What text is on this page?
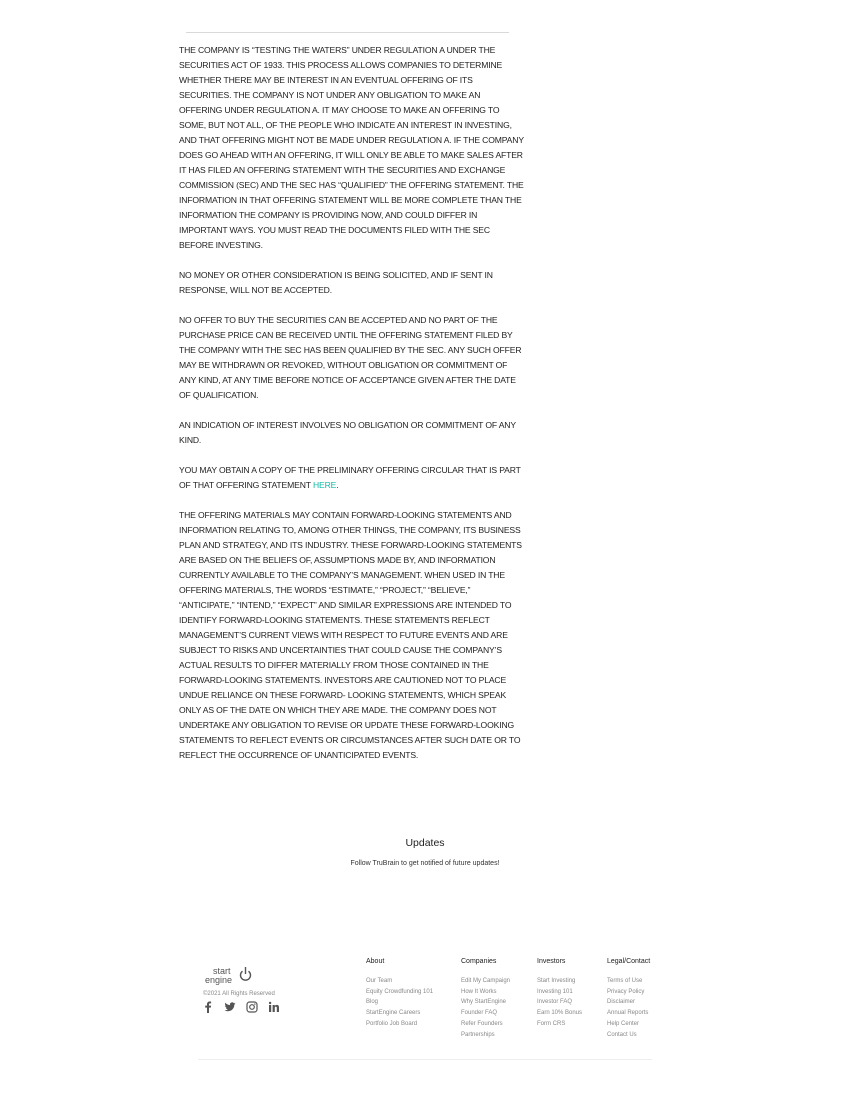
THE COMPANY IS “TESTING THE WATERS” UNDER REGULATION A UNDER THE SECURITIES ACT OF 1933. THIS PROCESS ALLOWS COMPANIES TO DETERMINE WHETHER THERE MAY BE INTEREST IN AN EVENTUAL OFFERING OF ITS SECURITIES. THE COMPANY IS NOT UNDER ANY OBLIGATION TO MAKE AN OFFERING UNDER REGULATION A. IT MAY CHOOSE TO MAKE AN OFFERING TO SOME, BUT NOT ALL, OF THE PEOPLE WHO INDICATE AN INTEREST IN INVESTING, AND THAT OFFERING MIGHT NOT BE MADE UNDER REGULATION A. IF THE COMPANY DOES GO AHEAD WITH AN OFFERING, IT WILL ONLY BE ABLE TO MAKE SALES AFTER IT HAS FILED AN OFFERING STATEMENT WITH THE SECURITIES AND EXCHANGE COMMISSION (SEC) AND THE SEC HAS “QUALIFIED” THE OFFERING STATEMENT. THE INFORMATION IN THAT OFFERING STATEMENT WILL BE MORE COMPLETE THAN THE INFORMATION THE COMPANY IS PROVIDING NOW, AND COULD DIFFER IN IMPORTANT WAYS. YOU MUST READ THE DOCUMENTS FILED WITH THE SEC BEFORE INVESTING.

NO MONEY OR OTHER CONSIDERATION IS BEING SOLICITED, AND IF SENT IN RESPONSE, WILL NOT BE ACCEPTED.

NO OFFER TO BUY THE SECURITIES CAN BE ACCEPTED AND NO PART OF THE PURCHASE PRICE CAN BE RECEIVED UNTIL THE OFFERING STATEMENT FILED BY THE COMPANY WITH THE SEC HAS BEEN QUALIFIED BY THE SEC. ANY SUCH OFFER MAY BE WITHDRAWN OR REVOKED, WITHOUT OBLIGATION OR COMMITMENT OF ANY KIND, AT ANY TIME BEFORE NOTICE OF ACCEPTANCE GIVEN AFTER THE DATE OF QUALIFICATION.

AN INDICATION OF INTEREST INVOLVES NO OBLIGATION OR COMMITMENT OF ANY KIND.

YOU MAY OBTAIN A COPY OF THE PRELIMINARY OFFERING CIRCULAR THAT IS PART OF THAT OFFERING STATEMENT HERE.

THE OFFERING MATERIALS MAY CONTAIN FORWARD-LOOKING STATEMENTS AND INFORMATION RELATING TO, AMONG OTHER THINGS, THE COMPANY, ITS BUSINESS PLAN AND STRATEGY, AND ITS INDUSTRY. THESE FORWARD-LOOKING STATEMENTS ARE BASED ON THE BELIEFS OF, ASSUMPTIONS MADE BY, AND INFORMATION CURRENTLY AVAILABLE TO THE COMPANY’S MANAGEMENT. WHEN USED IN THE OFFERING MATERIALS, THE WORDS “ESTIMATE,” “PROJECT,” “BELIEVE,” “ANTICIPATE,” “INTEND,” “EXPECT” AND SIMILAR EXPRESSIONS ARE INTENDED TO IDENTIFY FORWARD-LOOKING STATEMENTS. THESE STATEMENTS REFLECT MANAGEMENT’S CURRENT VIEWS WITH RESPECT TO FUTURE EVENTS AND ARE SUBJECT TO RISKS AND UNCERTAINTIES THAT COULD CAUSE THE COMPANY’S ACTUAL RESULTS TO DIFFER MATERIALLY FROM THOSE CONTAINED IN THE FORWARD-LOOKING STATEMENTS. INVESTORS ARE CAUTIONED NOT TO PLACE UNDUE RELIANCE ON THESE FORWARD- LOOKING STATEMENTS, WHICH SPEAK ONLY AS OF THE DATE ON WHICH THEY ARE MADE. THE COMPANY DOES NOT UNDERTAKE ANY OBLIGATION TO REVISE OR UPDATE THESE FORWARD-LOOKING STATEMENTS TO REFLECT EVENTS OR CIRCUMSTANCES AFTER SUCH DATE OR TO REFLECT THE OCCURRENCE OF UNANTICIPATED EVENTS.

Updates
Follow TruBrain to get notified of future updates!
start
engine
©2021 All Rights Reserved
About
Our Team
Equity Crowdfunding 101
Blog
StartEngine Careers
Portfolio Job Board
Companies
Edit My Campaign
How It Works
Why StartEngine
Founder FAQ
Refer Founders
Partnerships
Investors
Start Investing
Investing 101
Investor FAQ
Earn 10% Bonus
Form CRS
Legal/Contact
Terms of Use
Privacy Policy
Disclaimer
Annual Reports
Help Center
Contact Us
